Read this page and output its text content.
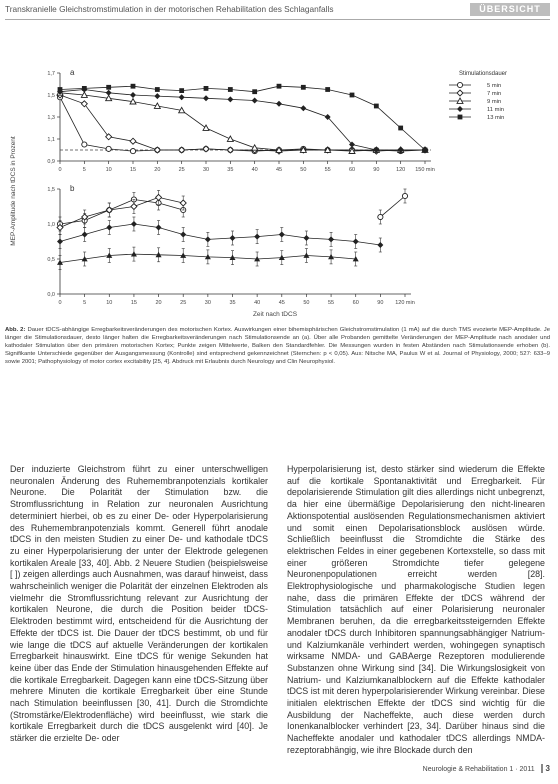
Transkranielle Gleichstromstimulation in der motorischen Rehabilitation des Schlaganfalls	ÜBERSICHT
Stimulationsdauer
5 min
7 min
9 min
11 min
13 min
a
1,7
1,5
1,3
1,1
0,9
0	5	10	15	20	25	30	35	40	45	50	55	60	90	120 150 min
b
1,5
1,0
0,5
0,0
0	5	10	15	20	25	30	35	40	45	50	55	60	90 120 min
MEP-Amplitude nach tDCS in Prozent
Zeit nach tDCS
Abb. 2: Dauer tDCS-abhängige Erregbarkeitsveränderungen des motorischen Kortex. Auswirkungen einer bihemisphärischen Gleichstromstimulation (1 mA) auf die durch TMS evozierte MEP-Amplitude. Je länger die Stimulationsdauer, desto länger halten die Erregbarkeitsveränderungen nach Stimulationsende an (a). Über alle Probanden gemittelte Veränderungen der MEP-Amplitude nach anodaler und kathodaler Stimulation über den primären motorischen Kortex; Punkte zeigen Mittelwerte, Balken den Standardfehler. Die Messungen wurden in festen Abständen nach Stimulationsende erhoben (b). Signifikante Unterschiede gegenüber der Ausgangsmessung (Kontrolle) sind entsprechend gekennzeichnet (Sternchen: p < 0,05). Aus: Nitsche MA, Paulus W et al. Journal of Physiology, 2000; 527: 633–9 sowie 2001; Pathophysiology of motor cortex excitability [25, 4]. Abdruck mit Erlaubnis durch Neurology and Clin Neurophysiol.

Der induzierte Gleichstrom führt zu einer unterschwelligen neuronalen Änderung des Ruhemembranpotenzials kortikaler Neurone. Die Polarität der Stimulation bzw. die Stromflussrichtung in Relation zur neuronalen Ausrichtung determiniert hierbei, ob es zu einer De- oder Hyperpolarisierung des Ruhemembranpotenzials kommt. Generell führt anodale tDCS in den meisten Studien zu einer De- und kathodale tDCS zu einer Hyperpolarisierung der unter der Elektrode gelegenen kortikalen Areale [33, 40]. Abb. 2 Neuere Studien (beispielsweise [ ]) zeigen allerdings auch Ausnahmen, was darauf hinweist, dass wahrscheinlich weniger die Polarität der einzelnen Elektroden als vielmehr die Stromflussrichtung relevant zur Ausrichtung der kortikalen Neurone, die durch die Position beider tDCS-Elektroden bestimmt wird, entscheidend für die Ausrichtung der Effekte der tDCS ist. Die Dauer der tDCS bestimmt, ob und für wie lange die tDCS auf aktuelle Veränderungen der kortikalen Erregbarkeit hinauswirkt. Eine tDCS für wenige Sekunden hat keine über das Ende der Stimulation hinausgehenden Effekte auf die kortikale Erregbarkeit. Dagegen kann eine tDCS-Sitzung über mehrere Minuten die kortikale Erregbarkeit über eine Stunde nach Stimulation beeinflussen [30, 41]. Durch die Stromdichte (Stromstärke/Elektrodenfläche) wird beeinflusst, wie stark die kortikale Erregbarkeit durch die tDCS ausgelenkt wird [40]. Je stärker die erzielte De- oder

Hyperpolarisierung ist, desto stärker sind wiederum die Effekte auf die kortikale Spontanaktivität und Erregbarkeit. Für depolarisierende Stimulation gilt dies allerdings nicht unbegrenzt, da hier eine übermäßige Depolarisierung den nicht-linearen Aktionspotential auslösenden Regulationsmechanismen aktiviert und somit einen Depolarisationsblock auslösen würde. Schließlich beeinflusst die Stromdichte die Stärke des elektrischen Feldes in einer gegebenen Kortexstelle, so dass mit einer größeren Stromdichte tiefer gelegene Neuronenpopulationen erreicht werden [28]. Elektrophysiologische und pharmakologische Studien legen nahe, dass die primären Effekte der tDCS während der Stimulation tatsächlich auf einer Polarisierung neuronaler Membranen beruhen, da die erregbarkeitssteigernden Effekte anodaler tDCS durch Inhibitoren spannungsabhängiger Natrium- und Kalziumkanäle verhindert werden, wohingegen synaptisch wirksame NMDA- und GABAerge Rezeptoren modulierende Substanzen ohne Wirkung sind [34]. Die Wirkungslosigkeit von Natrium- und Kalziumkanalblockern auf die Effekte kathodaler tDCS ist mit deren hyperpolarisierender Wirkung vereinbar. Diese initialen elektrischen Effekte der tDCS sind wichtig für die Ausbildung der Nacheffekte, auch diese werden durch Ionenkanalblocker verhindert [23, 34]. Darüber hinaus sind die Nacheffekte anodaler und kathodaler tDCS allerdings NMDA-rezeptorabhängig, wie ihre Blockade durch den

Neurologie & Rehabilitation 1 · 2011 3
